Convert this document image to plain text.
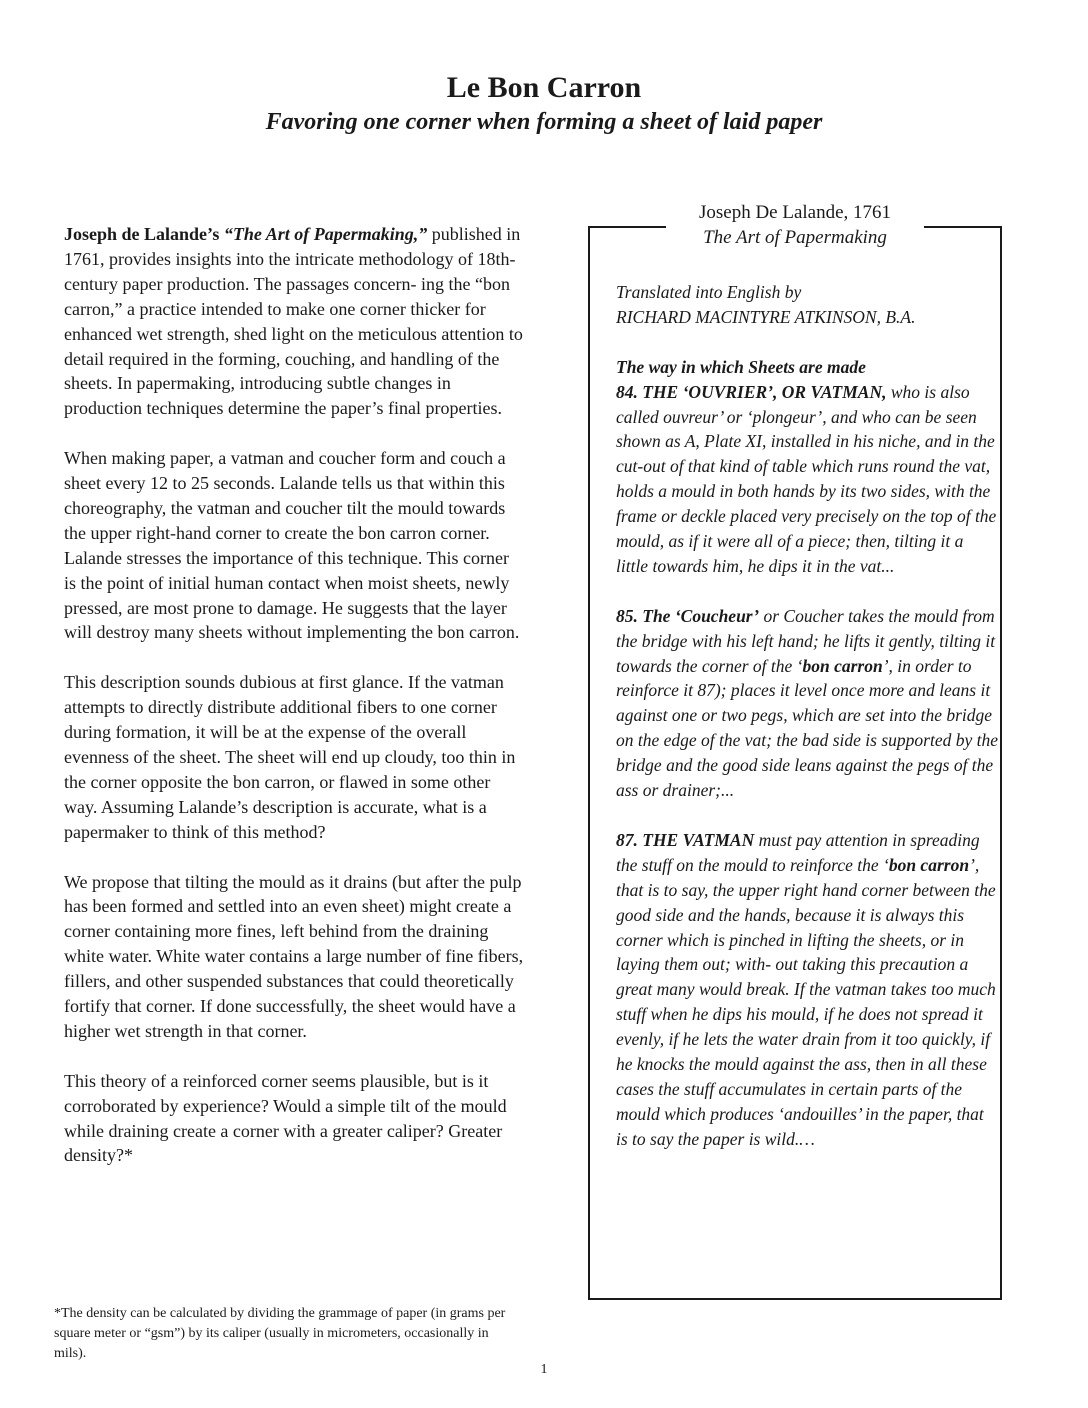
Le Bon Carron
Favoring one corner when forming a sheet of laid paper

Joseph de Lalande’s “The Art of Papermaking,” published in 1761, provides insights into the intricate methodology of 18th-century paper production. The passages concern- ing the “bon carron,” a practice intended to make one corner thicker for enhanced wet strength, shed light on the meticulous attention to detail required in the forming, couching, and handling of the sheets. In papermaking, introducing subtle changes in production techniques determine the paper’s final properties.

When making paper, a vatman and coucher form and couch a sheet every 12 to 25 seconds. Lalande tells us that within this choreography, the vatman and coucher tilt the mould towards the upper right-hand corner to create the bon carron corner. Lalande stresses the importance of this technique. This corner is the point of initial human contact when moist sheets, newly pressed, are most prone to damage. He suggests that the layer will destroy many sheets without implementing the bon carron.

This description sounds dubious at first glance. If the vatman attempts to directly distribute additional fibers to one corner during formation, it will be at the expense of the overall evenness of the sheet. The sheet will end up cloudy, too thin in the corner opposite the bon carron, or flawed in some other way. Assuming Lalande’s description is accurate, what is a papermaker to think of this method?

We propose that tilting the mould as it drains (but after the pulp has been formed and settled into an even sheet) might create a corner containing more fines, left behind from the draining white water. White water contains a large number of fine fibers, fillers, and other suspended substances that could theoretically fortify that corner. If done successfully, the sheet would have a higher wet strength in that corner.

This theory of a reinforced corner seems plausible, but is it corroborated by experience? Would a simple tilt of the mould while draining create a corner with a greater caliper? Greater density?*

Joseph De Lalande, 1761
The Art of Papermaking

Translated into English by
RICHARD MACINTYRE ATKINSON, B.A.

The way in which Sheets are made
84. THE ‘OUVRIER’, OR VATMAN, who is also called ouvreur’ or ‘plongeur’, and who can be seen shown as A, Plate XI, installed in his niche, and in the cut-out of that kind of table which runs round the vat, holds a mould in both hands by its two sides, with the frame or deckle placed very precisely on the top of the mould, as if it were all of a piece; then, tilting it a little towards him, he dips it in the vat...

85. The ‘Coucheur’ or Coucher takes the mould from the bridge with his left hand; he lifts it gently, tilting it towards the corner of the ‘bon carron’, in order to reinforce it 87); places it level once more and leans it against one or two pegs, which are set into the bridge on the edge of the vat; the bad side is supported by the bridge and the good side leans against the pegs of the ass or drainer;...

87. THE VATMAN must pay attention in spreading the stuff on the mould to reinforce the ‘bon carron’, that is to say, the upper right hand corner between the good side and the hands, because it is always this corner which is pinched in lifting the sheets, or in laying them out; with- out taking this precaution a great many would break. If the vatman takes too much stuff when he dips his mould, if he does not spread it evenly, if he lets the water drain from it too quickly, if he knocks the mould against the ass, then in all these cases the stuff accumulates in certain parts of the mould which produces ‘andouilles’ in the paper, that is to say the paper is wild.…

*The density can be calculated by dividing the grammage of paper (in grams per square meter or “gsm”) by its caliper (usually in micrometers, occasionally in mils).
1
